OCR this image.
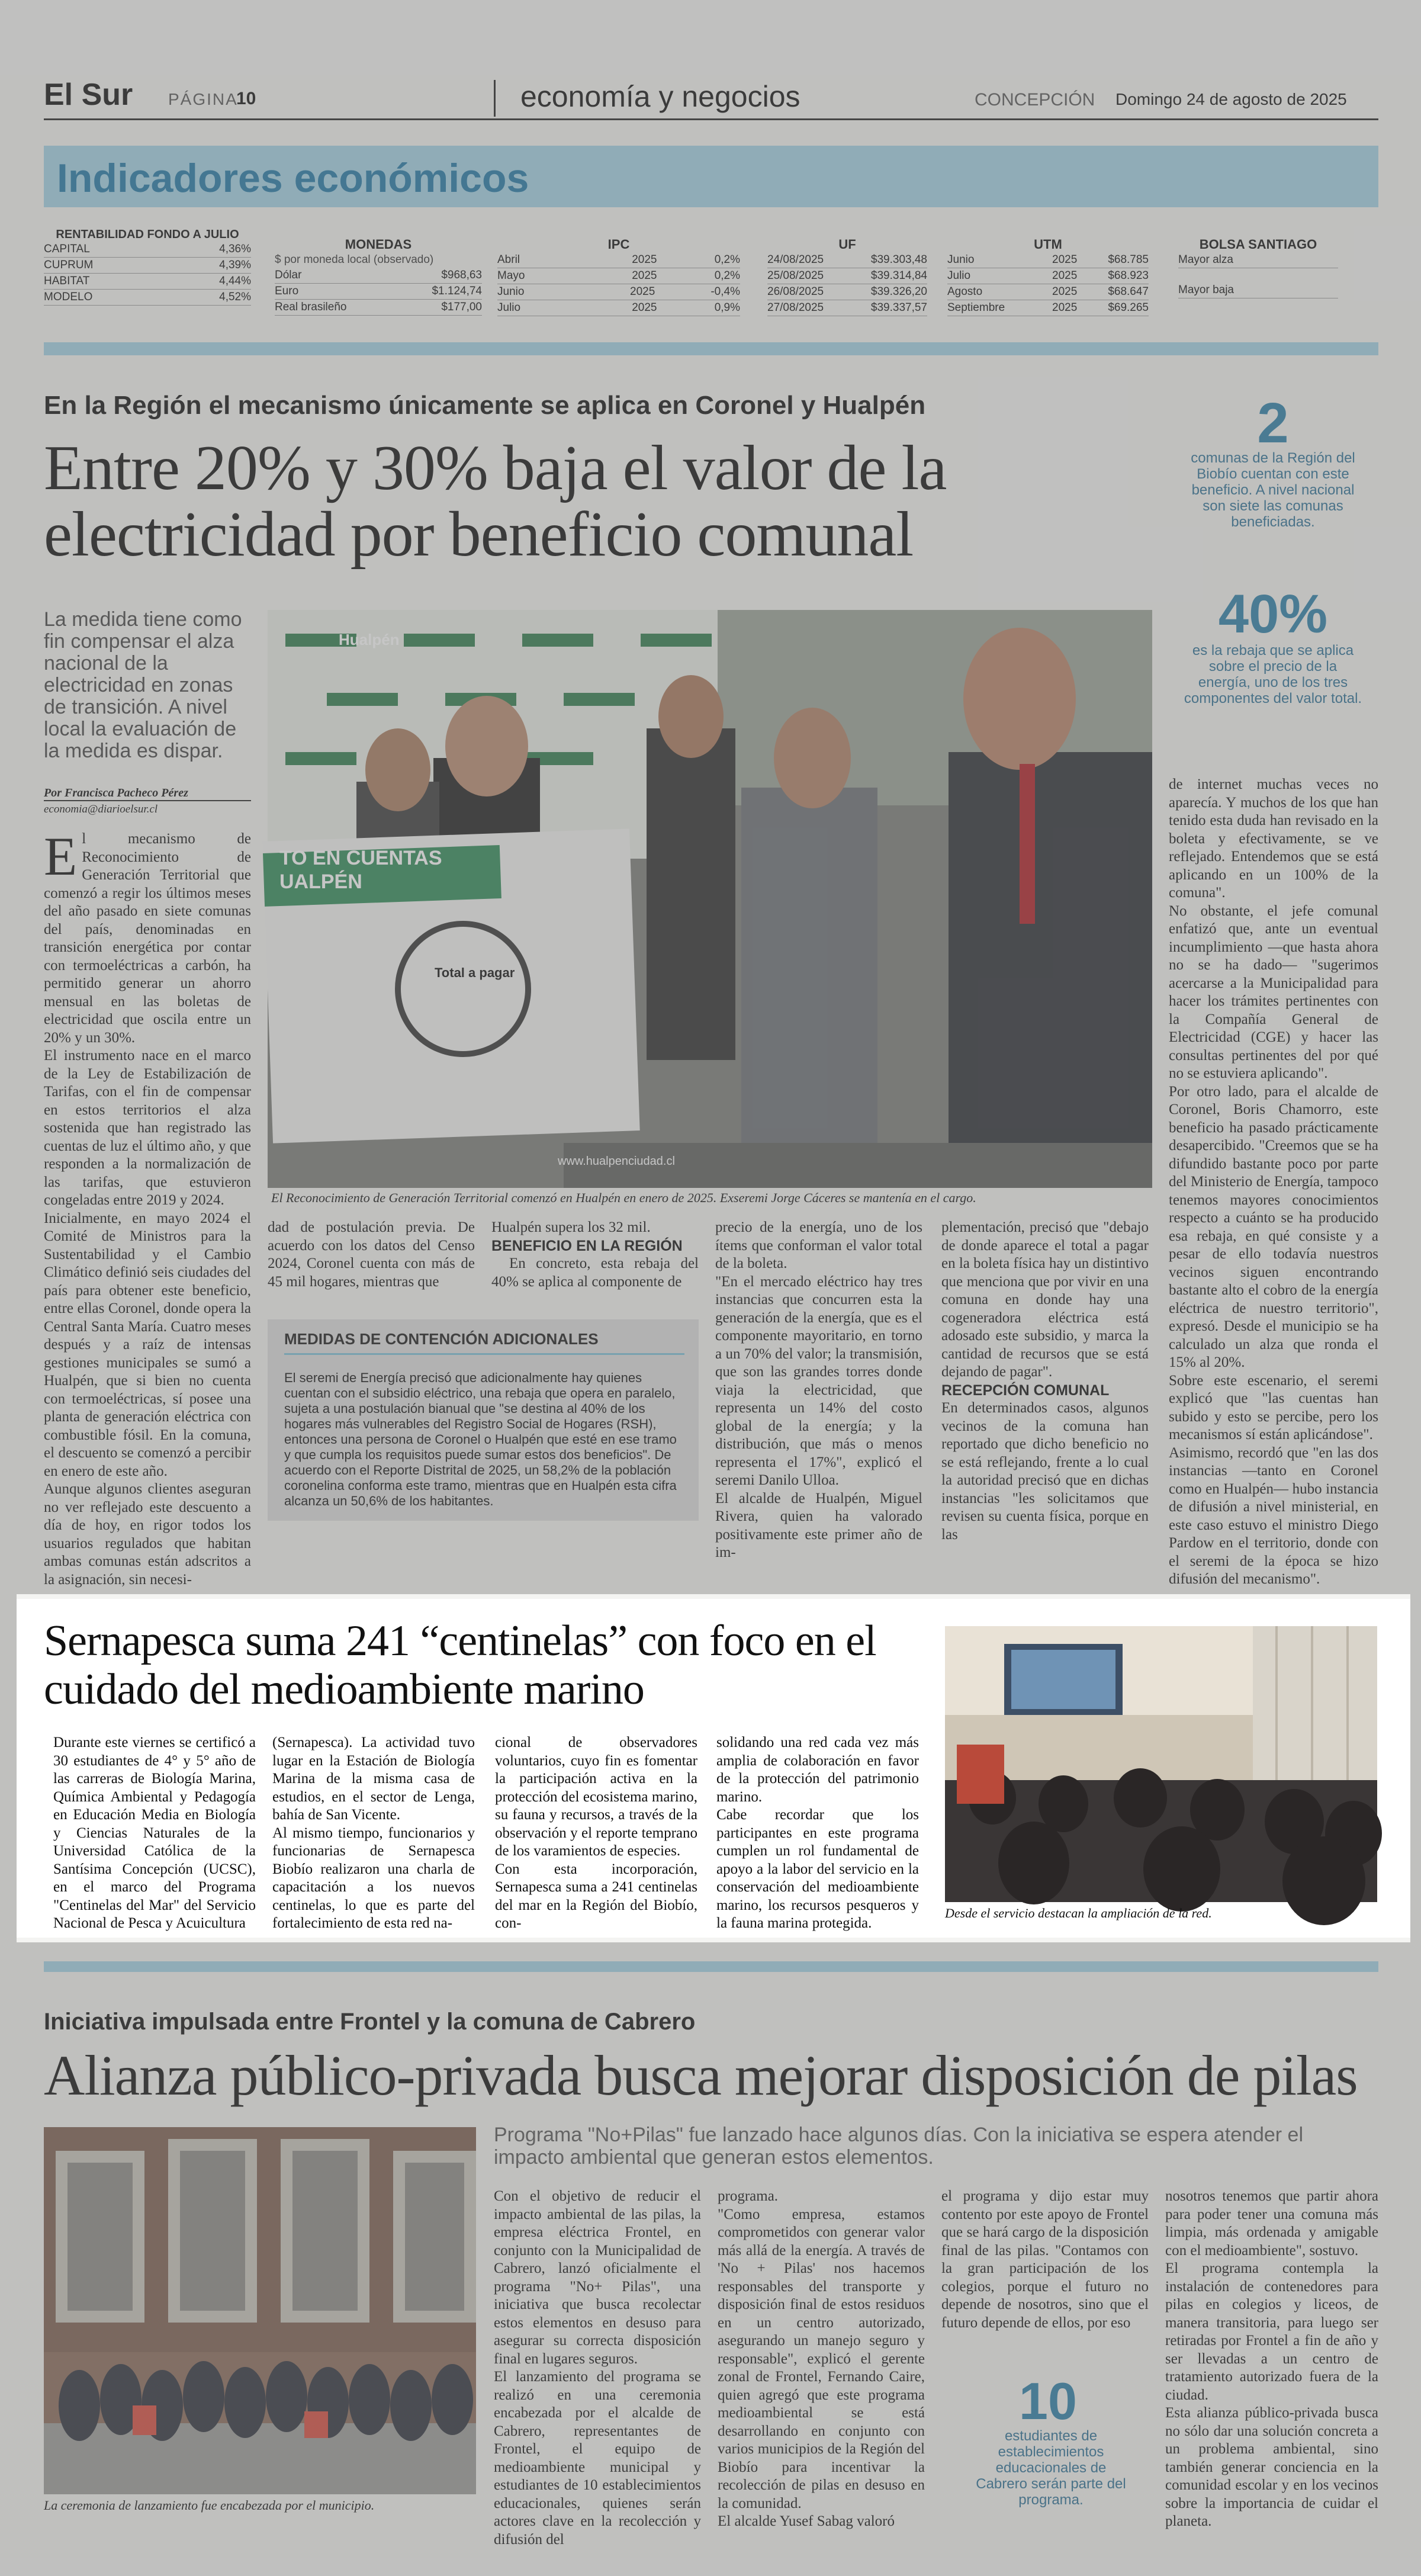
El Sur PÁGINA
10	economía y negocios	CONCEPCIÓN Domingo 24 de agosto de 2025
Indicadores económicos
RENTABILIDAD FONDO A JULIO
CAPITAL	4,36%
CUPRUM	4,39%
HABITAT	4,44%
MODELO	4,52%
MONEDAS
$ por moneda local (observado)
Dólar	$968,63
Euro	$1.124,74
Real brasileño	$177,00
IPC
Abril	2025	0,2%
Mayo	2025	0,2%
Junio	2025	-0,4%
Julio	2025	0,9%
UF
24/08/2025	$39.303,48
25/08/2025	$39.314,84
26/08/2025	$39.326,20
27/08/2025	$39.337,57
UTM
Junio	2025	$68.785
Julio	2025	$68.923
Agosto	2025	$68.647
Septiembre	2025	$69.265
BOLSA SANTIAGO
Mayor alza
Mayor baja
En la Región el mecanismo únicamente se aplica en Coronel y Hualpén
Entre 20% y 30% baja el valor de la electricidad por beneficio comunal
La medida tiene como fin compensar el alza nacional de la electricidad en zonas de transición. A nivel local la evaluación de la medida es dispar.
Por Francisca Pacheco Pérez
economia@diarioelsur.cl
E l mecanismo de Reconocimiento de Generación Territorial que comenzó a regir los últimos meses del año pasado en siete comunas del país, denominadas en transición energética por contar con termoeléctricas a carbón, ha permitido generar un ahorro mensual en las boletas de electricidad que oscila entre un 20% y un 30%.
El instrumento nace en el marco de la Ley de Estabilización de Tarifas, con el fin de compensar en estos territorios el alza sostenida que han registrado las cuentas de luz el último año, y que responden a la normalización de las tarifas, que estuvieron congeladas entre 2019 y 2024.
Inicialmente, en mayo 2024 el Comité de Ministros para la Sustentabilidad y el Cambio Climático definió seis ciudades del país para obtener este beneficio, entre ellas Coronel, donde opera la Central Santa María. Cuatro meses después y a raíz de intensas gestiones municipales se sumó a Hualpén, que si bien no cuenta con termoeléctricas, sí posee una planta de generación eléctrica con combustible fósil. En la comuna, el descuento se comenzó a percibir en enero de este año.
Aunque algunos clientes aseguran no ver reflejado este descuento a día de hoy, en rigor todos los usuarios regulados que habitan ambas comunas están adscritos a la asignación, sin necesi-
Hualpén
TO EN CUENTAS
UALPÉN
Total a pagar
www.hualpenciudad.cl
El Reconocimiento de Generación Territorial comenzó en Hualpén en enero de 2025. Exseremi Jorge Cáceres se mantenía en el cargo.
dad de postulación previa. De acuerdo con los datos del Censo 2024, Coronel cuenta con más de 45 mil hogares, mientras que
Hualpén supera los 32 mil.
BENEFICIO EN LA REGIÓN
En concreto, esta rebaja del 40% se aplica al componente de
MEDIDAS DE CONTENCIÓN ADICIONALES
El seremi de Energía precisó que adicionalmente hay quienes cuentan con el subsidio eléctrico, una rebaja que opera en paralelo, sujeta a una postulación bianual que "se destina al 40% de los hogares más vulnerables del Registro Social de Hogares (RSH), entonces una persona de Coronel o Hualpén que esté en ese tramo y que cumpla los requisitos puede sumar estos dos beneficios". De acuerdo con el Reporte Distrital de 2025, un 58,2% de la población coronelina conforma este tramo, mientras que en Hualpén esta cifra alcanza un 50,6% de los habitantes.
2
comunas de la Región del Biobío cuentan con este beneficio. A nivel nacional son siete las comunas beneficiadas.
40%
es la rebaja que se aplica sobre el precio de la energía, uno de los tres componentes del valor total.
de internet muchas veces no aparecía. Y muchos de los que han tenido esta duda han revisado en la boleta y efectivamente, se ve reflejado. Entendemos que se está aplicando en un 100% de la comuna".
No obstante, el jefe comunal enfatizó que, ante un eventual incumplimiento —que hasta ahora no se ha dado— "sugerimos acercarse a la Municipalidad para hacer los trámites pertinentes con la Compañía General de Electricidad (CGE) y hacer las consultas pertinentes del por qué no se estuviera aplicando".
Por otro lado, para el alcalde de Coronel, Boris Chamorro, este beneficio ha pasado prácticamente desapercibido. "Creemos que se ha difundido bastante poco por parte del Ministerio de Energía, tampoco tenemos mayores conocimientos respecto a cuánto se ha producido esa rebaja, en qué consiste y a pesar de ello todavía nuestros vecinos siguen encontrando bastante alto el cobro de la energía eléctrica de nuestro territorio", expresó. Desde el municipio se ha calculado un alza que ronda el 15% al 20%.
Sobre este escenario, el seremi explicó que "las cuentas han subido y esto se percibe, pero los mecanismos sí están aplicándose".
Asimismo, recordó que "en las dos instancias —tanto en Coronel como en Hualpén— hubo instancia de difusión a nivel ministerial, en este caso estuvo el ministro Diego Pardow en el territorio, donde con el seremi de la época se hizo difusión del mecanismo".
Sernapesca suma 241 “centinelas” con foco en el cuidado del medioambiente marino
Durante este viernes se certificó a 30 estudiantes de 4° y 5° año de las carreras de Biología Marina, Química Ambiental y Pedagogía en Educación Media en Biología y Ciencias Naturales de la Universidad Católica de la Santísima Concepción (UCSC), en el marco del Programa "Centinelas del Mar" del Servicio Nacional de Pesca y Acuicultura
(Sernapesca). La actividad tuvo lugar en la Estación de Biología Marina de la misma casa de estudios, en el sector de Lenga, bahía de San Vicente.
Al mismo tiempo, funcionarios y funcionarias de Sernapesca Biobío realizaron una charla de capacitación a los nuevos centinelas, lo que es parte del fortalecimiento de esta red na-
cional de observadores voluntarios, cuyo fin es fomentar la participación activa en la protección del ecosistema marino, su fauna y recursos, a través de la observación y el reporte temprano de los varamientos de especies.
Con esta incorporación, Sernapesca suma a 241 centinelas del mar en la Región del Biobío, con-
solidando una red cada vez más amplia de colaboración en favor de la protección del patrimonio marino.
Cabe recordar que los participantes en este programa cumplen un rol fundamental de apoyo a la labor del servicio en la conservación del medioambiente marino, los recursos pesqueros y la fauna marina protegida.
Desde el servicio destacan la ampliación de la red.
Iniciativa impulsada entre Frontel y la comuna de Cabrero
Alianza público-privada busca mejorar disposición de pilas
La ceremonia de lanzamiento fue encabezada por el municipio.
Programa "No+Pilas" fue lanzado hace algunos días. Con la iniciativa se espera atender el impacto ambiental que generan estos elementos.
Con el objetivo de reducir el impacto ambiental de las pilas, la empresa eléctrica Frontel, en conjunto con la Municipalidad de Cabrero, lanzó oficialmente el programa "No+ Pilas", una iniciativa que busca recolectar estos elementos en desuso para asegurar su correcta disposición final en lugares seguros.
El lanzamiento del programa se realizó en una ceremonia encabezada por el alcalde de Cabrero, representantes de Frontel, el equipo de medioambiente municipal y estudiantes de 10 establecimientos educacionales, quienes serán actores clave en la recolección y difusión del
programa.
"Como empresa, estamos comprometidos con generar valor más allá de la energía. A través de 'No + Pilas' nos hacemos responsables del transporte y disposición final de estos residuos en un centro autorizado, asegurando un manejo seguro y responsable", explicó el gerente zonal de Frontel, Fernando Caire, quien agregó que este programa medioambiental se está desarrollando en conjunto con varios municipios de la Región del Biobío para incentivar la recolección de pilas en desuso en la comunidad.
El alcalde Yusef Sabag valoró
el programa y dijo estar muy contento por este apoyo de Frontel que se hará cargo de la disposición final de las pilas. "Contamos con la gran participación de los colegios, porque el futuro no depende de nosotros, sino que el futuro depende de ellos, por eso
10
estudiantes de establecimientos educacionales de Cabrero serán parte del programa.
nosotros tenemos que partir ahora para poder tener una comuna más limpia, más ordenada y amigable con el medioambiente", sostuvo.
El programa contempla la instalación de contenedores para pilas en colegios y liceos, de manera transitoria, para luego ser retiradas por Frontel a fin de año y ser llevadas a un centro de tratamiento autorizado fuera de la ciudad.
Esta alianza público-privada busca no sólo dar una solución concreta a un problema ambiental, sino también generar conciencia en la comunidad escolar y en los vecinos sobre la importancia de cuidar el planeta.
precio de la energía, uno de los ítems que conforman el valor total de la boleta.
"En el mercado eléctrico hay tres instancias que concurren esta la generación de la energía, que es el componente mayoritario, en torno a un 70% del valor; la transmisión, que son las grandes torres donde viaja la electricidad, que representa un 14% del costo global de la energía; y la distribución, que más o menos representa el 17%", explicó el seremi Danilo Ulloa.
El alcalde de Hualpén, Miguel Rivera, quien ha valorado positivamente este primer año de im-
plementación, precisó que "debajo de donde aparece el total a pagar en la boleta física hay un distintivo que menciona que por vivir en una comuna en donde hay una cogeneradora eléctrica está adosado este subsidio, y marca la cantidad de recursos que se está dejando de pagar".
RECEPCIÓN COMUNAL
En determinados casos, algunos vecinos de la comuna han reportado que dicho beneficio no se está reflejando, frente a lo cual la autoridad precisó que en dichas instancias "les solicitamos que revisen su cuenta física, porque en las
